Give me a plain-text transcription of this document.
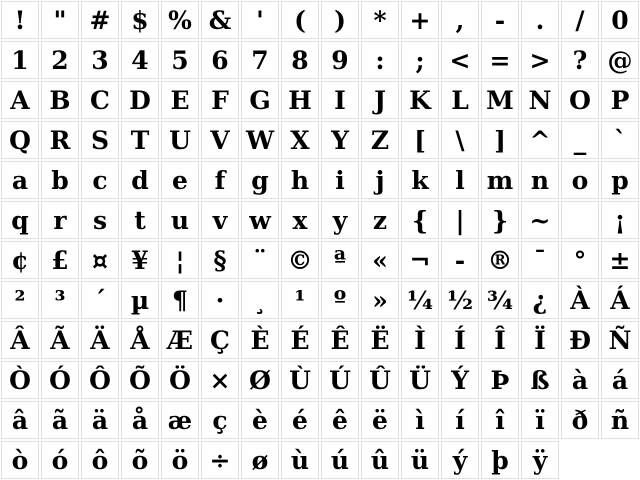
! " # $ % & ' ( ) * + , - . / 0
1 2 3 4 5 6 7 8 9 : ; < = > ? @
A B C D E F G H I J K L M N O P
Q R S T U V W X Y Z [ \ ] ^ _ `
a b c d e f g h i j k l m n o p
q r s t u v w x y z { | } ~	¡
¢ £ ¤ ¥ ¦ § ¨ © ª « ¬ - ® ¯ ° ±
² ³ ´ µ ¶ · ¸ ¹ º » ¼ ½ ¾ ¿ À Á
Â Ã Ä Å Æ Ç È É Ê Ë Ì Í Î Ï Ð Ñ
Ò Ó Ô Õ Ö × Ø Ù Ú Û Ü Ý Þ ß à á
â ã ä å æ ç è é ê ë ì í î ï ð ñ
ò ó ô õ ö ÷ ø ù ú û ü ý þ ÿ
